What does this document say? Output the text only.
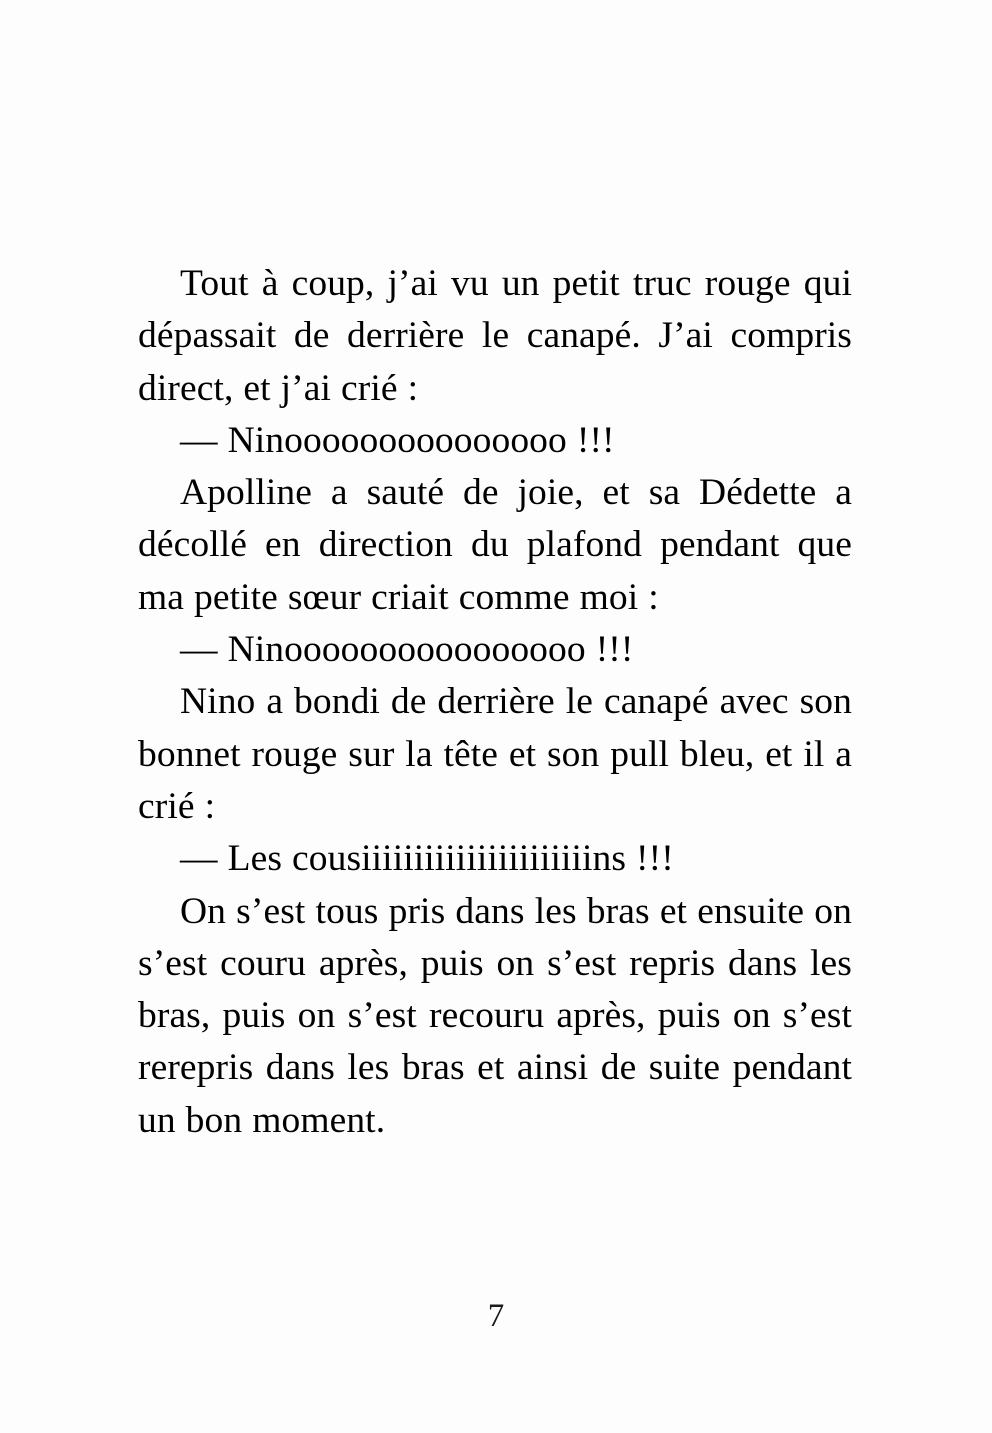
Tout à coup, j’ai vu un petit truc rouge qui dépassait de derrière le canapé. J’ai compris direct, et j’ai crié :

— Ninooooooooooooooo !!!

Apolline a sauté de joie, et sa Dédette a décollé en direction du plafond pendant que ma petite sœur criait comme moi :

— Ninoooooooooooooooo !!!

Nino a bondi de derrière le canapé avec son bonnet rouge sur la tête et son pull bleu, et il a crié :

— Les cousiiiiiiiiiiiiiiiiiiiiiins !!!

On s’est tous pris dans les bras et ensuite on s’est couru après, puis on s’est repris dans les bras, puis on s’est recouru après, puis on s’est rerepris dans les bras et ainsi de suite pendant un bon moment.

7
